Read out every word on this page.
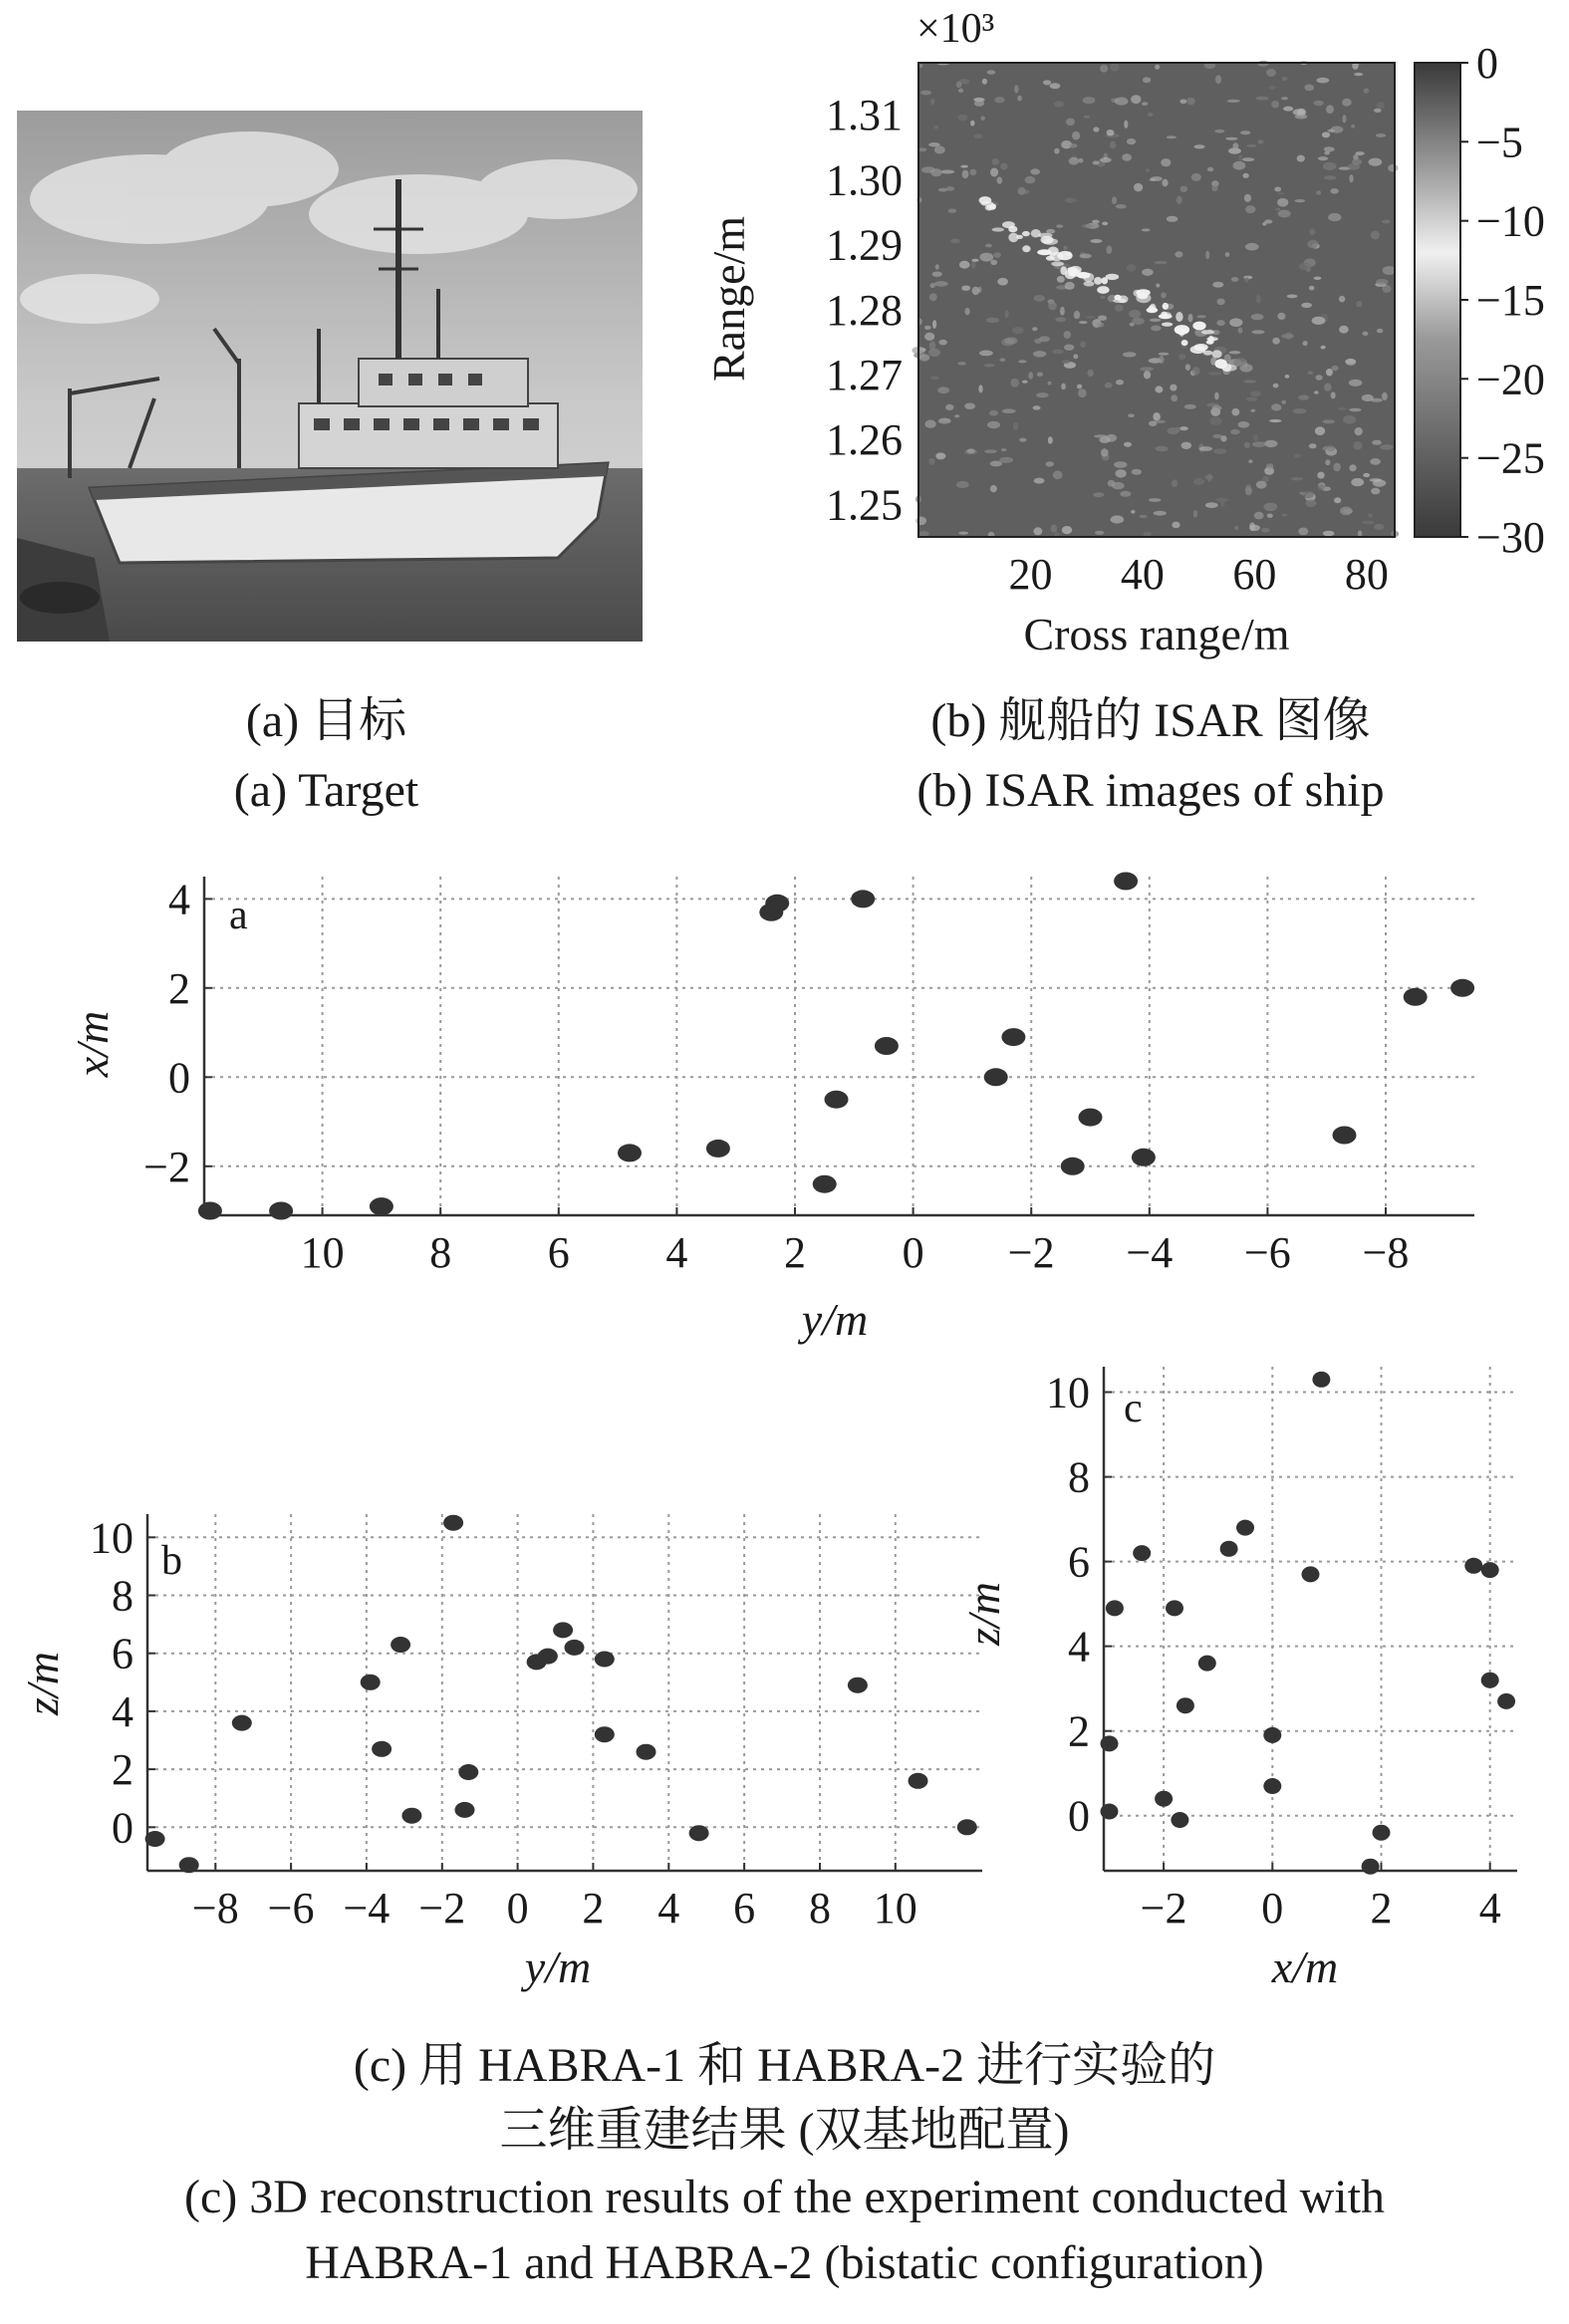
×10³
1.31
1.30
1.29
1.28
1.27
1.26
1.25
20 40 60 80
Cross range/m
Range/m
0
−5
−10
−15
−20
−25
−30
10 8 6 4 2 0 −2 −4 −6 −8
4
2
0
−2
a
y/m
x/m
−8 −6 −4 −2 0 2 4 6 8 10
10
8
6
4
2
0
b
y/m
z/m
−2 0 2 4
10
8
6
4
2
0
c
x/m
z/m
(a) 目标
(a) Target
(b) 舰船的 ISAR 图像
(b) ISAR images of ship
(c) 用 HABRA-1 和 HABRA-2 进行实验的
三维重建结果 (双基地配置)
(c) 3D reconstruction results of the experiment conducted with
HABRA-1 and HABRA-2 (bistatic configuration)
